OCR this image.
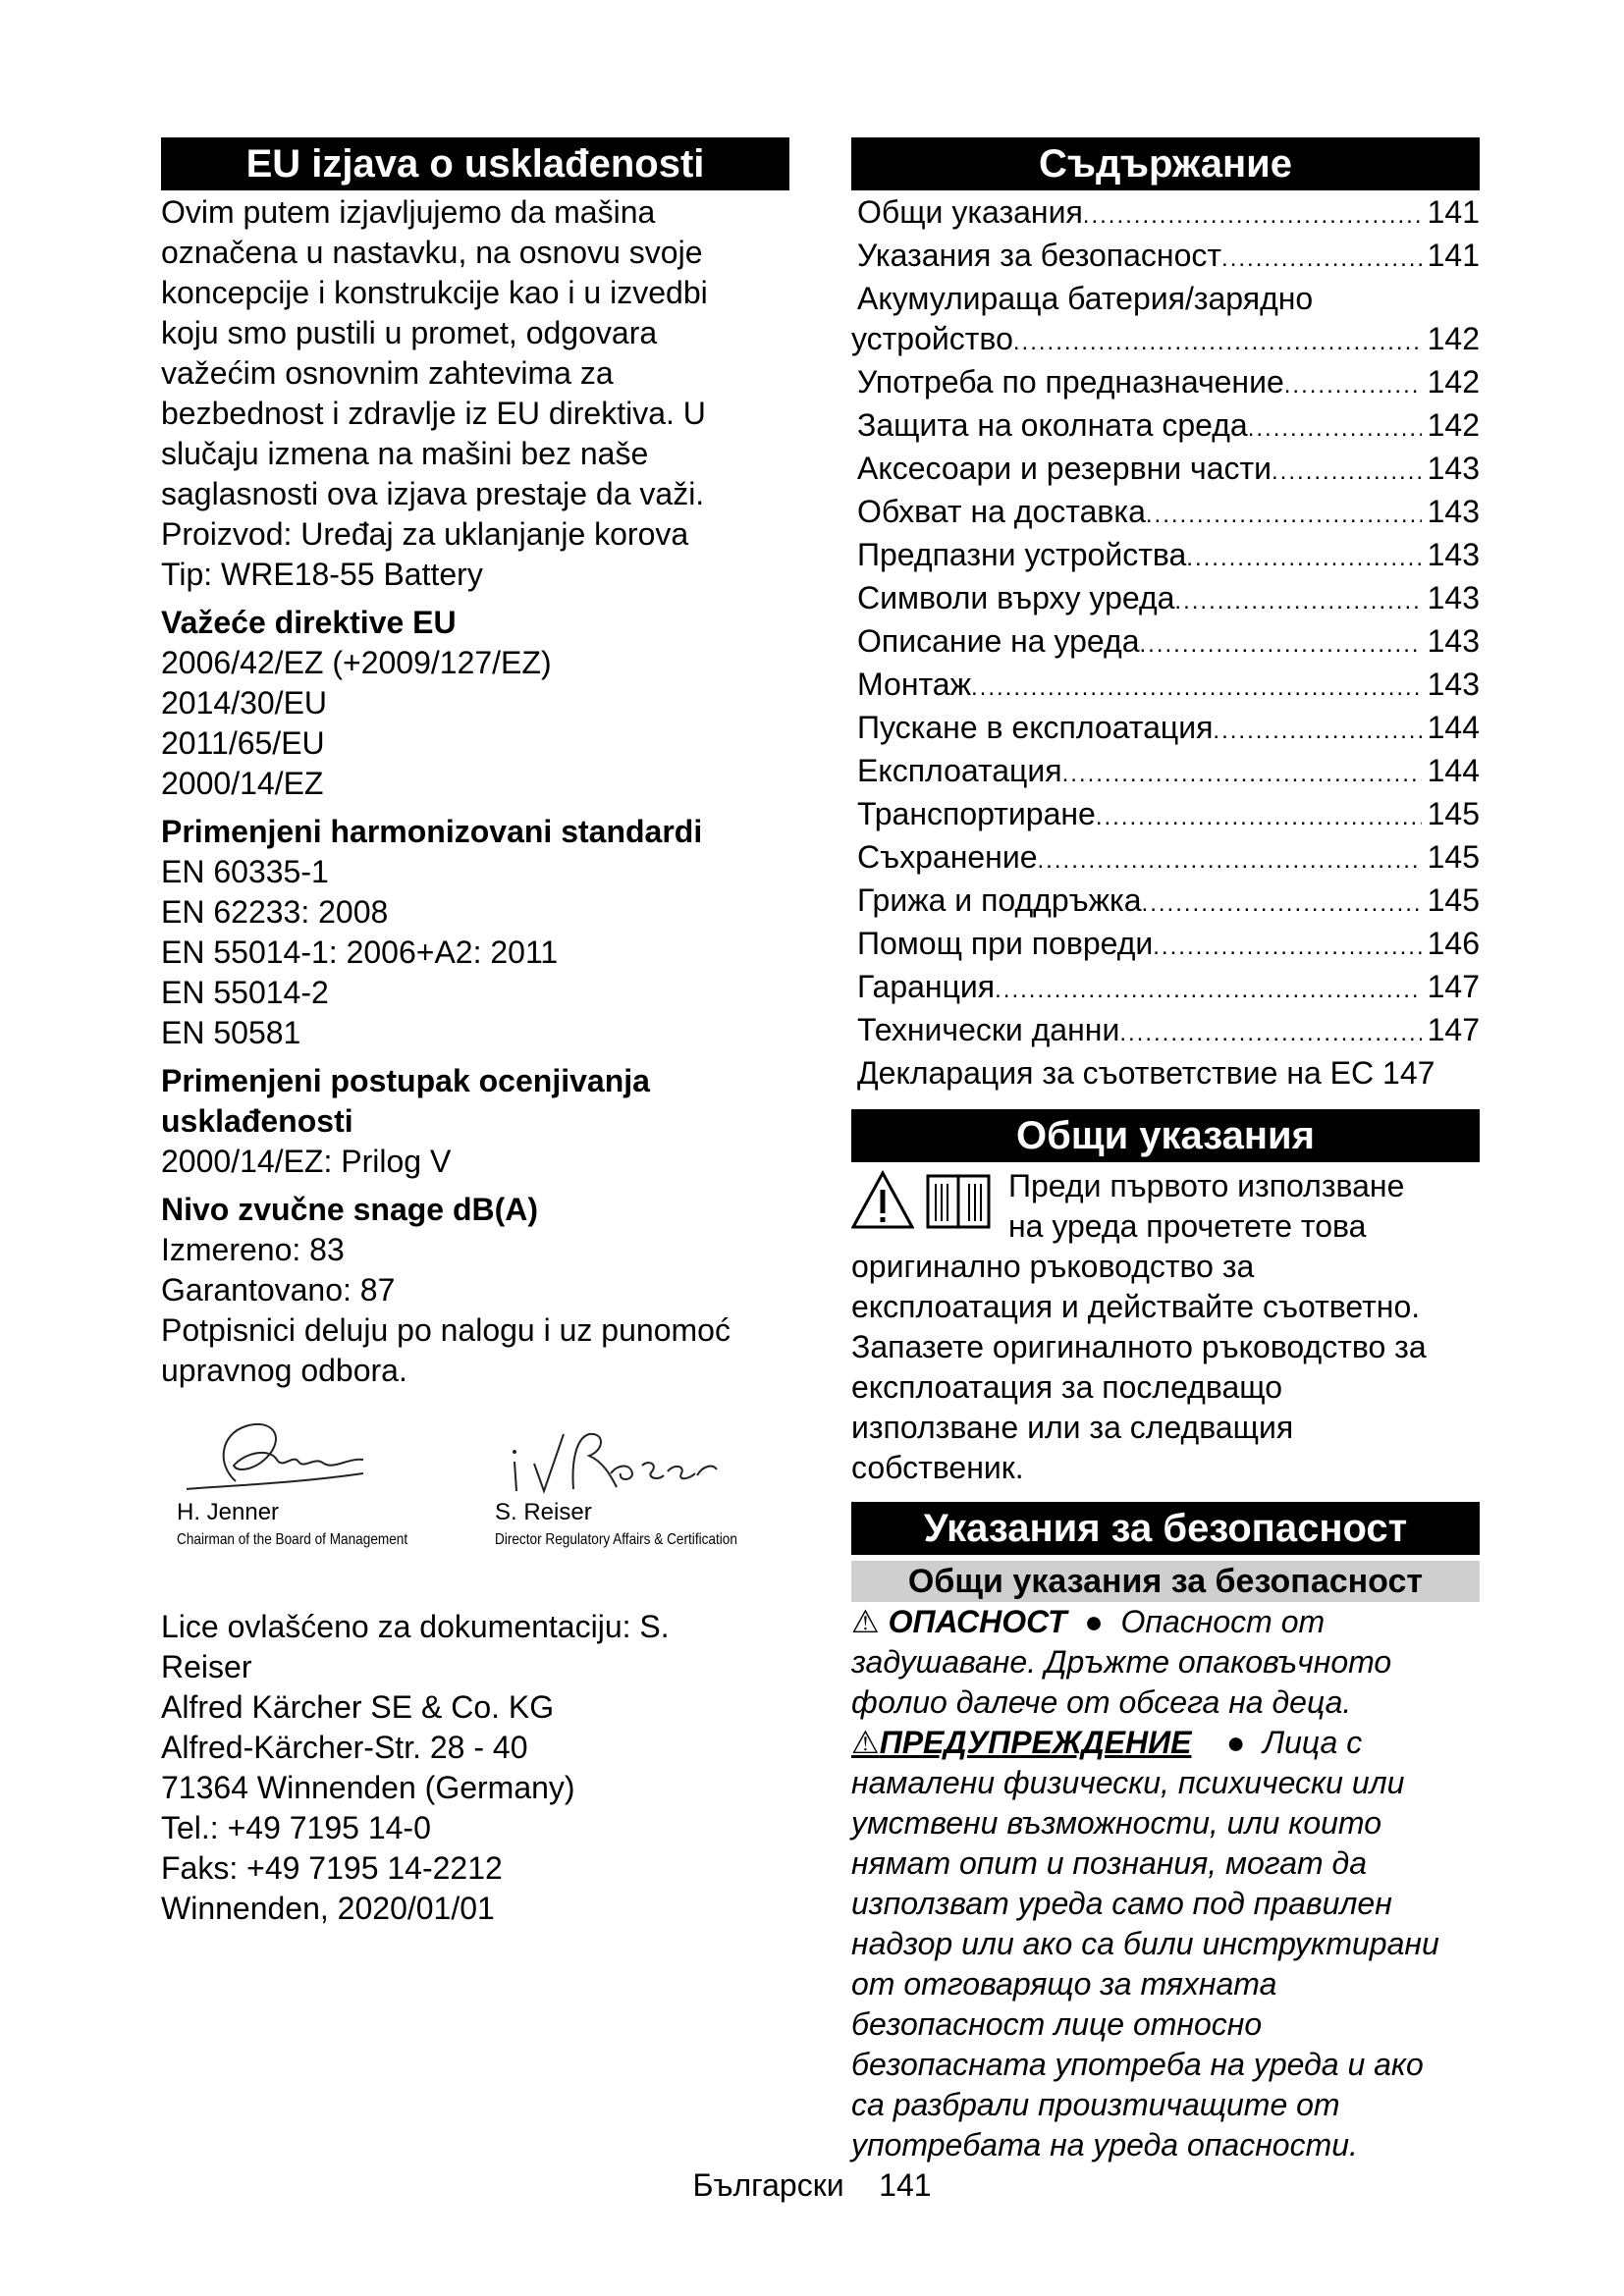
EU izjava o usklađenosti

Ovim putem izjavljujemo da mašina

označena u nastavku, na osnovu svoje

koncepcije i konstrukcije kao i u izvedbi

koju smo pustili u promet, odgovara

važećim osnovnim zahtevima za

bezbednost i zdravlje iz EU direktiva. U

slučaju izmena na mašini bez naše

saglasnosti ova izjava prestaje da važi.

Proizvod: Uređaj za uklanjanje korova

Tip: WRE18-55 Battery

Važeće direktive EU

2006/42/EZ (+2009/127/EZ)

2014/30/EU

2011/65/EU

2000/14/EZ

Primenjeni harmonizovani standardi

EN 60335-1

EN 62233: 2008

EN 55014-1: 2006+A2: 2011

EN 55014-2

EN 50581

Primenjeni postupak ocenjivanja

usklađenosti

2000/14/EZ: Prilog V

Nivo zvučne snage dB(A)

Izmereno: 83

Garantovano: 87

Potpisnici deluju po nalogu i uz punomoć

upravnog odbora.

H. Jenner
Chairman of the Board of Management
S. Reiser
Director Regulatory Affairs & Certification

Lice ovlašćeno za dokumentaciju: S.

Reiser

Alfred Kärcher SE & Co. KG

Alfred-Kärcher-Str. 28 - 40

71364 Winnenden (Germany)

Tel.: +49 7195 14-0

Faks: +49 7195 14-2212

Winnenden, 2020/01/01

Съдържание
Общи указания .....	141
Указания за безопасност .....	141
Акумулираща батерия/зарядно
устройство .....	142
Употреба по предназначение .....	142
Защита на околната среда .....	142
Аксесоари и резервни части .....	143
Обхват на доставка .....	143
Предпазни устройства .....	143
Символи върху уреда .....	143
Описание на уреда .....	143
Монтаж .....	143
Пускане в експлоатация .....	144
Експлоатация .....	144
Транспортиране .....	145
Съхранение .....	145
Грижа и поддръжка .....	145
Помощ при повреди .....	146
Гаранция .....	147
Технически данни .....	147
Декларация за съответствие на ЕС 147
Общи указания

Преди първото използване

на уреда прочетете това

оригинално ръководство за

експлоатация и действайте съответно.

Запазете оригиналното ръководство за

експлоатация за последващо

използване или за следващия

собственик.

Указания за безопасност
Общи указания за безопасност
⚠ ОПАСНОСТ  ●  Опасност от
задушаване. Дръжте опаковъчното
фолио далече от обсега на деца.
⚠ПРЕДУПРЕЖДЕНИЕ    ●  Лица с
намалени физически, психически или
умствени възможности, или които
нямат опит и познания, могат да
използват уреда само под правилен
надзор или ако са били инструктирани
от отговарящо за тяхната
безопасност лице относно
безопасната употреба на уреда и ако
са разбрали произтичащите от
употребата на уреда опасности.
Български 141
